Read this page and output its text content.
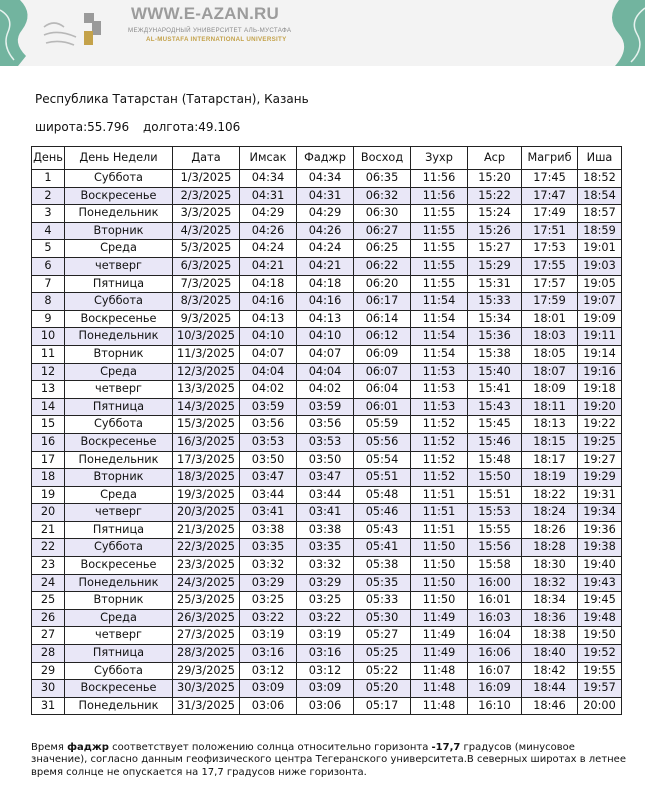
WWW.E-AZAN.RU
МЕЖДУНАРОДНЫЙ УНИВЕРСИТЕТ АЛЬ-МУСТАФА
AL-MUSTAFA INTERNATIONAL UNIVERSITY
Республика Татарстан (Татарстан), Казань
широта:55.796 долгота:49.106
День	День Недели	Дата	Имсак	Фаджр	Восход	Зухр	Аср	Магриб	Иша
1	Суббота	1/3/2025	04:34	04:34	06:35	11:56	15:20	17:45	18:52
2	Воскресенье	2/3/2025	04:31	04:31	06:32	11:56	15:22	17:47	18:54
3	Понедельник	3/3/2025	04:29	04:29	06:30	11:55	15:24	17:49	18:57
4	Вторник	4/3/2025	04:26	04:26	06:27	11:55	15:26	17:51	18:59
5	Среда	5/3/2025	04:24	04:24	06:25	11:55	15:27	17:53	19:01
6	четверг	6/3/2025	04:21	04:21	06:22	11:55	15:29	17:55	19:03
7	Пятница	7/3/2025	04:18	04:18	06:20	11:55	15:31	17:57	19:05
8	Суббота	8/3/2025	04:16	04:16	06:17	11:54	15:33	17:59	19:07
9	Воскресенье	9/3/2025	04:13	04:13	06:14	11:54	15:34	18:01	19:09
10	Понедельник	10/3/2025	04:10	04:10	06:12	11:54	15:36	18:03	19:11
11	Вторник	11/3/2025	04:07	04:07	06:09	11:54	15:38	18:05	19:14
12	Среда	12/3/2025	04:04	04:04	06:07	11:53	15:40	18:07	19:16
13	четверг	13/3/2025	04:02	04:02	06:04	11:53	15:41	18:09	19:18
14	Пятница	14/3/2025	03:59	03:59	06:01	11:53	15:43	18:11	19:20
15	Суббота	15/3/2025	03:56	03:56	05:59	11:52	15:45	18:13	19:22
16	Воскресенье	16/3/2025	03:53	03:53	05:56	11:52	15:46	18:15	19:25
17	Понедельник	17/3/2025	03:50	03:50	05:54	11:52	15:48	18:17	19:27
18	Вторник	18/3/2025	03:47	03:47	05:51	11:52	15:50	18:19	19:29
19	Среда	19/3/2025	03:44	03:44	05:48	11:51	15:51	18:22	19:31
20	четверг	20/3/2025	03:41	03:41	05:46	11:51	15:53	18:24	19:34
21	Пятница	21/3/2025	03:38	03:38	05:43	11:51	15:55	18:26	19:36
22	Суббота	22/3/2025	03:35	03:35	05:41	11:50	15:56	18:28	19:38
23	Воскресенье	23/3/2025	03:32	03:32	05:38	11:50	15:58	18:30	19:40
24	Понедельник	24/3/2025	03:29	03:29	05:35	11:50	16:00	18:32	19:43
25	Вторник	25/3/2025	03:25	03:25	05:33	11:50	16:01	18:34	19:45
26	Среда	26/3/2025	03:22	03:22	05:30	11:49	16:03	18:36	19:48
27	четверг	27/3/2025	03:19	03:19	05:27	11:49	16:04	18:38	19:50
28	Пятница	28/3/2025	03:16	03:16	05:25	11:49	16:06	18:40	19:52
29	Суббота	29/3/2025	03:12	03:12	05:22	11:48	16:07	18:42	19:55
30	Воскресенье	30/3/2025	03:09	03:09	05:20	11:48	16:09	18:44	19:57
31	Понедельник	31/3/2025	03:06	03:06	05:17	11:48	16:10	18:46	20:00
Время фаджр соответствует положению солнца относительно горизонта -17,7 градусов (минусовое значение), согласно данным геофизического центра Тегеранского университета.В северных широтах в летнее время солнце не опускается на 17,7 градусов ниже горизонта.
